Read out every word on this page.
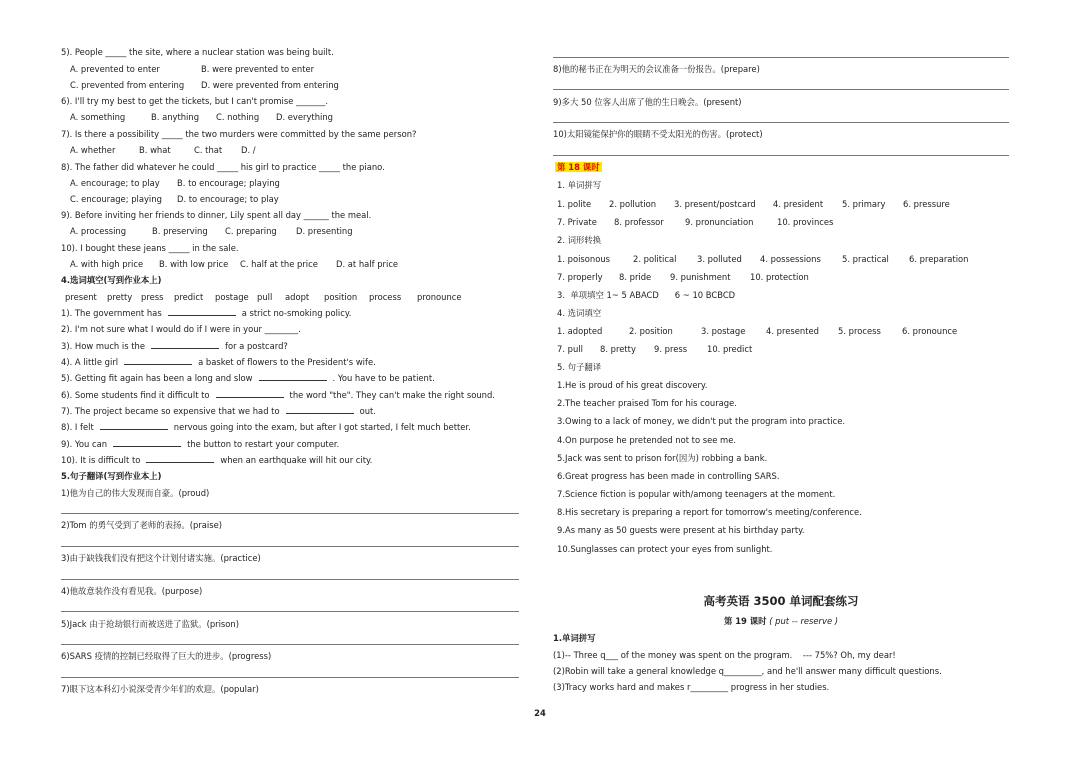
5). People _____ the site, where a nuclear station was being built.
A. prevented to enter	B. were prevented to enter
C. prevented from entering D. were prevented from entering
6). I'll try my best to get the tickets, but I can't promise _______.
A. something	B. anything C. nothing D. everything
7). Is there a possibility _____ the two murders were committed by the same person?
A. whether	B. what	C. that D. /
8). The father did whatever he could _____ his girl to practice _____ the piano.
A. encourage; to play B. to encourage; playing
C. encourage; playing D. to encourage; to play
9). Before inviting her friends to dinner, Lily spent all day ______ the meal.
A. processing	B. preserving C. preparing D. presenting
10). I bought these jeans _____ in the sale.
A. with high price B. with low price C. half at the price D. at half price
4.选词填空(写到作业本上)
present pretty press predict postage pull adopt position process pronounce
1). The government has	a strict no-smoking policy.
2). I'm not sure what I would do if I were in your ________.
3). How much is the	for a postcard?
4). A little girl	a basket of flowers to the President's wife.
5). Getting fit again has been a long and slow	. You have to be patient.
6). Some students find it difficult to	the word "the". They can't make the right sound.
7). The project became so expensive that we had to	out.
8). I felt	nervous going into the exam, but after I got started, I felt much better.
9). You can	the button to restart your computer.
10). It is difficult to	when an earthquake will hit our city.
5.句子翻译(写到作业本上)
1)他为自己的伟大发现而自豪。(proud)
2)Tom 的勇气受到了老师的表扬。(praise)
3)由于缺钱我们没有把这个计划付诸实施。(practice)
4)他故意装作没有看见我。(purpose)
5)Jack 由于抢劫银行而被送进了监狱。(prison)
6)SARS 疫情的控制已经取得了巨大的进步。(progress)
7)眼下这本科幻小说深受青少年们的欢迎。(popular)
8)他的秘书正在为明天的会议准备一份报告。(prepare)
9)多大 50 位客人出席了他的生日晚会。(present)
10)太阳镜能保护你的眼睛不受太阳光的伤害。(protect)
第 18 课时
1. 单词拼写
1. polite 2. pollution 3. present/postcard 4. president 5. primary 6. pressure
7. Private 8. professor	9. pronunciation	10. provinces
2. 词形转换
1. poisonous	2. political 3. polluted 4. possessions	5. practical 6. preparation
7. properly 8. pride 9. punishment 10. protection
3.  单项填空 1~ 5 ABACD      6 ~ 10 BCBCD
4. 选词填空
1. adopted	2. position	3. postage 4. presented 5. process	6. pronounce
7. pull 8. pretty 9. press 10. predict
5. 句子翻译
1.He is proud of his great discovery.
2.The teacher praised Tom for his courage.
3.Owing to a lack of money, we didn't put the program into practice.
4.On purpose he pretended not to see me.
5.Jack was sent to prison for(因为) robbing a bank.
6.Great progress has been made in controlling SARS.
7.Science fiction is popular with/among teenagers at the moment.
8.His secretary is preparing a report for tomorrow's meeting/conference.
9.As many as 50 guests were present at his birthday party.
10.Sunglasses can protect your eyes from sunlight.
高考英语 3500 单词配套练习
第 19 课时 ( put -- reserve )
1.单词拼写
(1)-- Three q___ of the money was spent on the program.    --- 75%? Oh, my dear!
(2)Robin will take a general knowledge q_________, and he'll answer many difficult questions.
(3)Tracy works hard and makes r_________ progress in her studies.
24
